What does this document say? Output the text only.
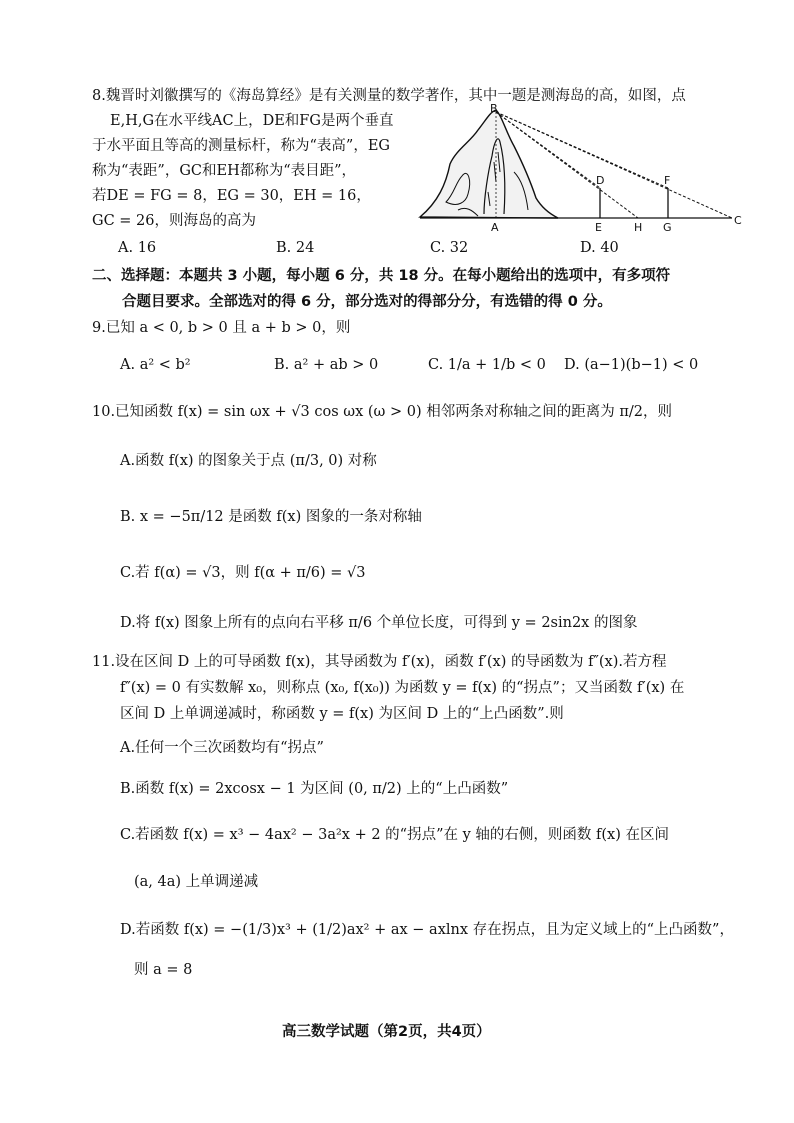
8.魏晋时刘徽撰写的《海岛算经》是有关测量的数学著作，其中一题是测海岛的高，如图，点
E,H,G在水平线AC上，DE和FG是两个垂直
于水平面且等高的测量标杆，称为“表高”，EG
称为“表距”，GC和EH都称为“表目距”，
若DE = FG = 8，EG = 30，EH = 16，
GC = 26，则海岛的高为
B
D	F
A	E	H G
C
A. 16	B. 24	C. 32	D. 40
二、选择题：本题共 3 小题，每小题 6 分，共 18 分。在每小题给出的选项中，有多项符
合题目要求。全部选对的得 6 分，部分选对的得部分分，有选错的得 0 分。
9.已知 a < 0, b > 0 且 a + b > 0，则
A. a² < b²	B. a² + ab > 0	C. 1/a + 1/b < 0 D. (a−1)(b−1) < 0
10.已知函数 f(x) = sin ωx + √3 cos ωx (ω > 0) 相邻两条对称轴之间的距离为 π/2，则
A.函数 f(x) 的图象关于点 (π/3, 0) 对称
B. x = −5π/12 是函数 f(x) 图象的一条对称轴
C.若 f(α) = √3，则 f(α + π/6) = √3
D.将 f(x) 图象上所有的点向右平移 π/6 个单位长度，可得到 y = 2sin2x 的图象
11.设在区间 D 上的可导函数 f(x)，其导函数为 f′(x)，函数 f′(x) 的导函数为 f″(x).若方程
f″(x) = 0 有实数解 x₀，则称点 (x₀, f(x₀)) 为函数 y = f(x) 的“拐点”；又当函数 f′(x) 在
区间 D 上单调递减时，称函数 y = f(x) 为区间 D 上的“上凸函数”.则
A.任何一个三次函数均有“拐点”
B.函数 f(x) = 2xcosx − 1 为区间 (0, π/2) 上的“上凸函数”
C.若函数 f(x) = x³ − 4ax² − 3a²x + 2 的“拐点”在 y 轴的右侧，则函数 f(x) 在区间
(a, 4a) 上单调递减
D.若函数 f(x) = −(1/3)x³ + (1/2)ax² + ax − axlnx 存在拐点，且为定义域上的“上凸函数”，
则 a = 8
高三数学试题（第2页，共4页）
